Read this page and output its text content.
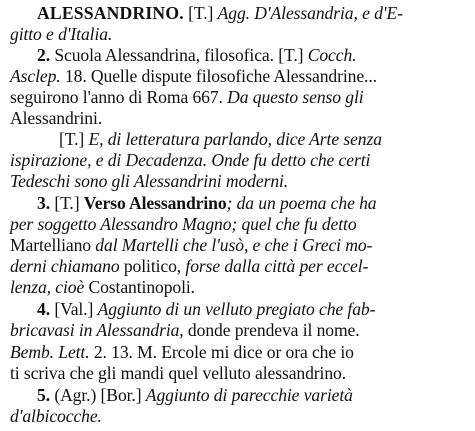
ALESSANDRINO. [T.] Agg. D'Alessandria, e d'E-
gitto e d'Italia.
2. Scuola Alessandrina, filosofica. [T.] Cocch.
Asclep. 18. Quelle dispute filosofiche Alessandrine...
seguirono l'anno di Roma 667. Da questo senso gli
Alessandrini.
[T.] E, di letteratura parlando, dice Arte senza
ispirazione, e di Decadenza. Onde fu detto che certi
Tedeschi sono gli Alessandrini moderni.
3. [T.] Verso Alessandrino; da un poema che ha
per soggetto Alessandro Magno; quel che fu detto
Martelliano dal Martelli che l'usò, e che i Greci mo-
derni chiamano politico, forse dalla città per eccel-
lenza, cioè Costantinopoli.
4. [Val.] Aggiunto di un velluto pregiato che fab-
bricavasi in Alessandria, donde prendeva il nome.
Bemb. Lett. 2. 13. M. Ercole mi dice or ora che io
ti scriva che gli mandi quel velluto alessandrino.
5. (Agr.) [Bor.] Aggiunto di parecchie varietà
d'albicocche.
